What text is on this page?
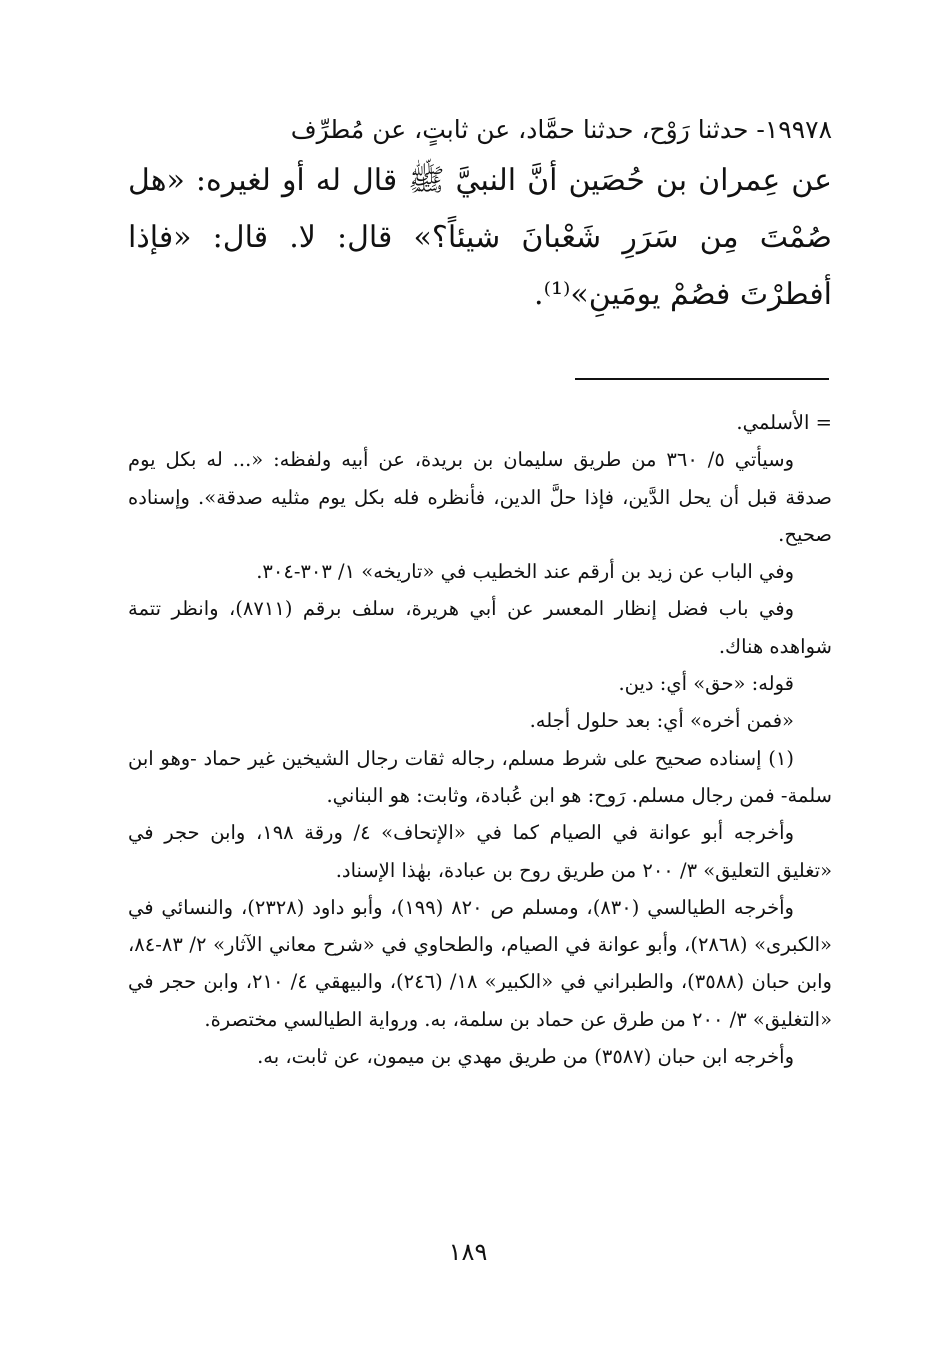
١٩٩٧٨- حدثنا رَوْح، حدثنا حمَّاد، عن ثابتٍ، عن مُطرِّف

عن عِمران بن حُصَين أنَّ النبيَّ ﷺ قال له أو لغيره: «هل صُمْتَ مِن سَرَرِ شَعْبانَ شيئاً؟» قال: لا. قال: «فإذا أفطرْتَ فصُمْ يومَينِ»⁽¹⁾.

= الأسلمي.

وسيأتي ٥/ ٣٦٠ من طريق سليمان بن بريدة، عن أبيه ولفظه: «... له بكل يوم صدقة قبل أن يحل الدَّين، فإذا حلَّ الدين، فأنظره فله بكل يوم مثليه صدقة». وإسناده صحيح.

وفي الباب عن زيد بن أرقم عند الخطيب في «تاريخه» ١/ ٣٠٣-٣٠٤.

وفي باب فضل إنظار المعسر عن أبي هريرة، سلف برقم (٨٧١١)، وانظر تتمة شواهده هناك.

قوله: «حق» أي: دين.

«فمن أخره» أي: بعد حلول أجله.

(١) إسناده صحيح على شرط مسلم، رجاله ثقات رجال الشيخين غير حماد -وهو ابن سلمة- فمن رجال مسلم. رَوح: هو ابن عُبادة، وثابت: هو البناني.

وأخرجه أبو عوانة في الصيام كما في «الإتحاف» ٤/ ورقة ١٩٨، وابن حجر في «تغليق التعليق» ٣/ ٢٠٠ من طريق روح بن عبادة، بهٰذا الإسناد.

وأخرجه الطيالسي (٨٣٠)، ومسلم ص ٨٢٠ (١٩٩)، وأبو داود (٢٣٢٨)، والنسائي في «الكبرى» (٢٨٦٨)، وأبو عوانة في الصيام، والطحاوي في «شرح معاني الآثار» ٢/ ٨٣-٨٤، وابن حبان (٣٥٨٨)، والطبراني في «الكبير» ١٨/ (٢٤٦)، والبيهقي ٤/ ٢١٠، وابن حجر في «التغليق» ٣/ ٢٠٠ من طرق عن حماد بن سلمة، به. ورواية الطيالسي مختصرة.

وأخرجه ابن حبان (٣٥٨٧) من طريق مهدي بن ميمون، عن ثابت، به.

١٨٩
